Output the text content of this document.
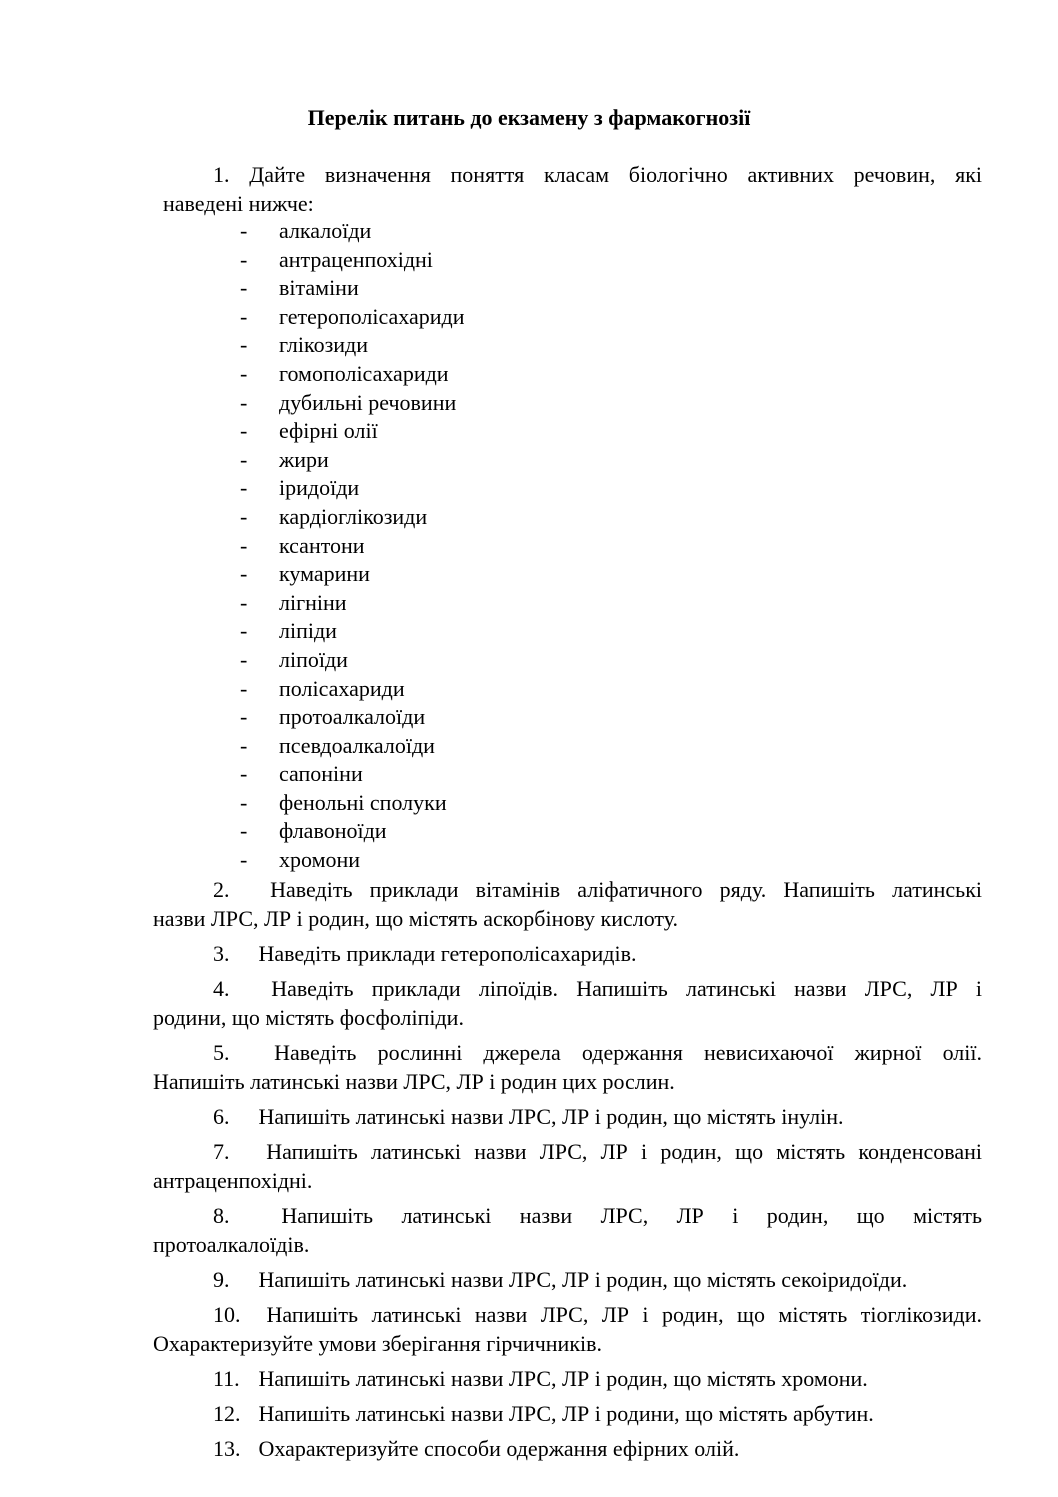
Перелік питань до екзамену з фармакогнозії
1. Дайте визначення поняття класам біологічно активних речовин, які
наведені нижче:
- алкалоїди
- антраценпохідні
- вітаміни
- гетерополісахариди
- глікозиди
- гомополісахариди
- дубильні речовини
- ефірні олії
- жири
- іридоїди
- кардіоглікозиди
- ксантони
- кумарини
- лігніни
- ліпіди
- ліпоїди
- полісахариди
- протоалкалоїди
- псевдоалкалоїди
- сапоніни
- фенольні сполуки
- флавоноїди
- хромони
2. Наведіть приклади вітамінів аліфатичного ряду. Напишіть латинські
назви ЛРС, ЛР і родин, що містять аскорбінову кислоту.
3. Наведіть приклади гетерополісахаридів.
4. Наведіть приклади ліпоїдів. Напишіть латинські назви ЛРС, ЛР і
родини, що містять фосфоліпіди.
5. Наведіть рослинні джерела одержання невисихаючої жирної олії.
Напишіть латинські назви ЛРС, ЛР і родин цих рослин.
6. Напишіть латинські назви ЛРС, ЛР і родин, що містять інулін.
7. Напишіть латинські назви ЛРС, ЛР і родин, що містять конденсовані
антраценпохідні.
8. Напишіть латинські назви ЛРС, ЛР і родин, що містять
протоалкалоїдів.
9. Напишіть латинські назви ЛРС, ЛР і родин, що містять секоіридоїди.
10. Напишіть латинські назви ЛРС, ЛР і родин, що містять тіоглікозиди.
Охарактеризуйте умови зберігання гірчичників.
11. Напишіть латинські назви ЛРС, ЛР і родин, що містять хромони.
12. Напишіть латинські назви ЛРС, ЛР і родини, що містять арбутин.
13. Охарактеризуйте способи одержання ефірних олій.
